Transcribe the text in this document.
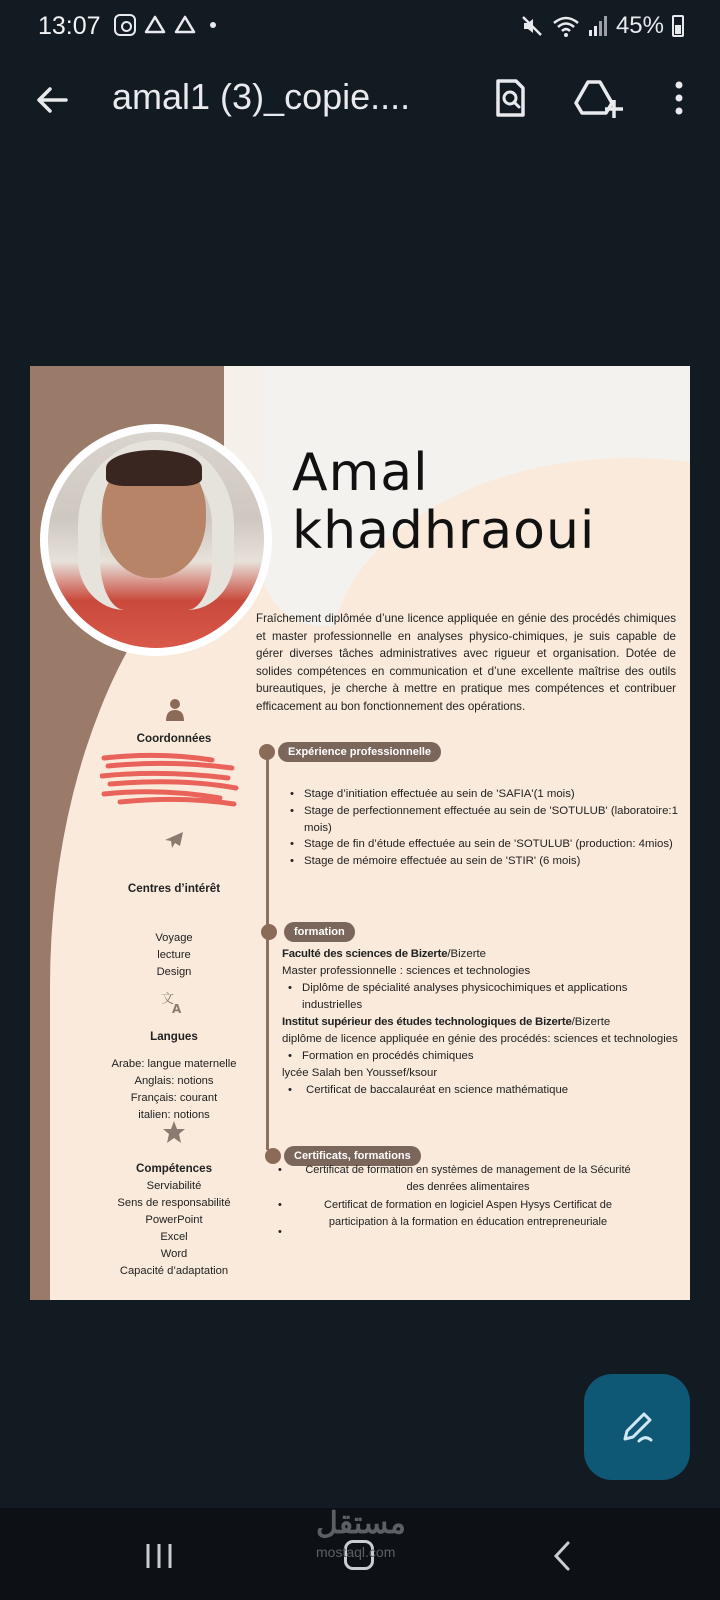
13:07	45%
amal1 (3)_copie....
Amal
khadhraoui

Fraîchement diplômée d’une licence appliquée en génie des procédés chimiques et master professionnelle en analyses physico-chimiques, je suis capable de gérer diverses tâches administratives avec rigueur et organisation. Dotée de solides compétences en communication et d’une excellente maîtrise des outils bureautiques, je cherche à mettre en pratique mes compétences et contribuer efficacement au bon fonctionnement des opérations.

Coordonnées
Centres d’intérêt
Voyage
lecture
Design
文
A
Langues
Arabe: langue maternelle
Anglais: notions
Français: courant
italien: notions
Compétences
Serviabilité
Sens de responsabilité
PowerPoint
Excel
Word
Capacité d’adaptation
Expérience professionnelle
• Stage d’initiation effectuée au sein de 'SAFIA'(1 mois)
• Stage de perfectionnement effectuée au sein de 'SOTULUB' (laboratoire:1 mois)
• Stage de fin d’étude effectuée au sein de 'SOTULUB' (production: 4mios)
• Stage de mémoire effectuée au sein de 'STIR' (6 mois)
formation
Faculté des sciences de Bizerte/Bizerte
Master professionnelle : sciences et technologies
• Diplôme de spécialité analyses physicochimiques et applications industrielles
Institut supérieur des études technologiques de Bizerte/Bizerte
diplôme de licence appliquée en génie des procédés: sciences et technologies
• Formation en procédés chimiques
lycée Salah ben Youssef/ksour
• Certificat de baccalauréat en science mathématique
Certificats, formations
• Certificat de formation en systèmes de management de la Sécurité des denrées alimentaires
•	Certificat de formation en logiciel Aspen Hysys Certificat de participation à la formation en éducation entrepreneuriale
•
مستقل
mostaql.com
